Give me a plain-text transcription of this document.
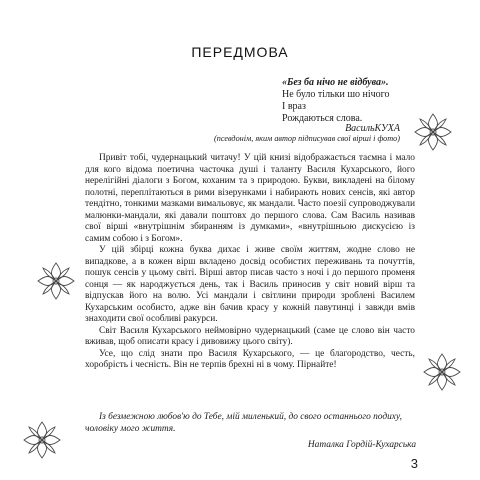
ПЕРЕДМОВА
«Без ба нічо не відбува».
Не було тільки шо нічого
І враз
Рождаються слова.
ВасильКУХА
(псевдонім, яким автор підписував свої вірші і фото)

Привіт тобі, чудернацький читачу! У цій книзі відображається таємна і мало для кого відома поетична часточка душі і таланту Василя Кухарського, його нерелігійні діалоги з Богом, коханим та з природою. Букви, викладені на білому полотні, переплітаються в рими візерунками і набирають нових сенсів, які автор тендітно, тонкими мазками вимальовує, як мандали. Часто поезії супроводжували малюнки-мандали, які давали поштовх до першого слова. Сам Василь називав свої вірші «внутрішнім збиранням із думками», «внутрішньою дискусією із самим собою і з Богом».

У цій збірці кожна буква дихає і живе своїм життям, жодне слово не випадкове, а в кожен вірш вкладено досвід особистих переживань та почуттів, пошук сенсів у цьому світі. Вірші автор писав часто з ночі і до першого променя сонця — як народжується день, так і Василь приносив у світ новий вірш та відпускав його на волю. Усі мандали і світлини природи зроблені Василем Кухарським особисто, адже він бачив красу у кожній павутинці і завжди вмів знаходити свої особливі ракурси.

Світ Василя Кухарського неймовірно чудернацький (саме це слово він часто вживав, щоб описати красу і дивовижу цього світу).

Усе, що слід знати про Василя Кухарського, — це благородство, честь, хоробрість і чесність. Він не терпів брехні ні в чому. Пірнайте!

Із безмежною любов'ю до Тебе, мій миленький, до свого останнього подиху, чоловіку мого життя.
Наталка Гордій-Кухарська
3
